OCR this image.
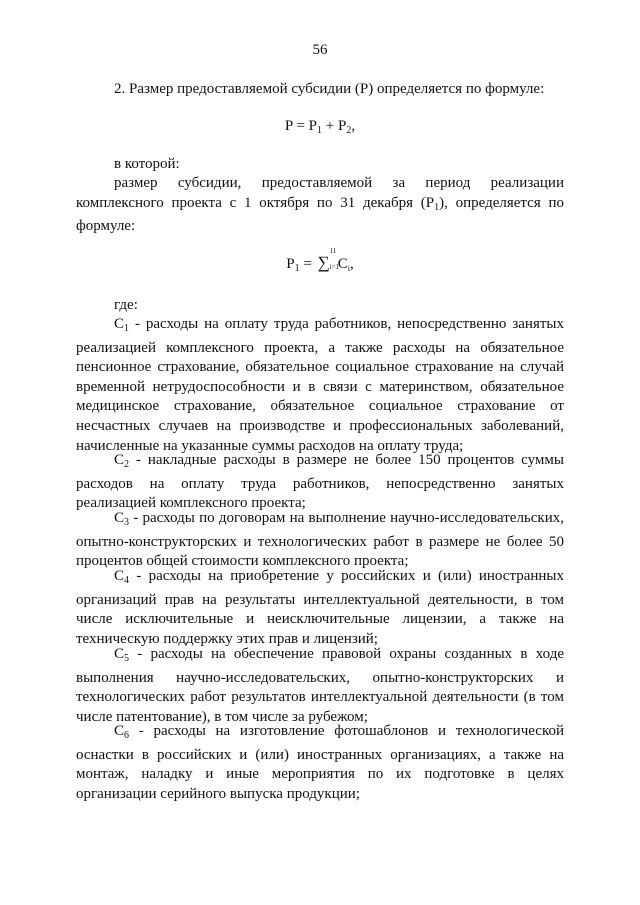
56
2. Размер предоставляемой субсидии (P) определяется по формуле:
$P = P_1 + P_2$,
в которой:
размер субсидии, предоставляемой за период реализации комплексного проекта с 1 октября по 31 декабря $(P_1)$, определяется по формуле:
$P_1$ = ∑
11
i=1
$C_i$,
где:
$C_1$ - расходы на оплату труда работников, непосредственно занятых реализацией комплексного проекта, а также расходы на обязательное пенсионное страхование, обязательное социальное страхование на случай временной нетрудоспособности и в связи с материнством, обязательное медицинское страхование, обязательное социальное страхование от несчастных случаев на производстве и профессиональных заболеваний, начисленные на указанные суммы расходов на оплату труда;
$C_2$ - накладные расходы в размере не более 150 процентов суммы расходов на оплату труда работников, непосредственно занятых реализацией комплексного проекта;
$C_3$ - расходы по договорам на выполнение научно-исследовательских, опытно-конструкторских и технологических работ в размере не более 50 процентов общей стоимости комплексного проекта;
$C_4$ - расходы на приобретение у российских и (или) иностранных организаций прав на результаты интеллектуальной деятельности, в том числе исключительные и неисключительные лицензии, а также на техническую поддержку этих прав и лицензий;
$C_5$ - расходы на обеспечение правовой охраны созданных в ходе выполнения научно-исследовательских, опытно-конструкторских и технологических работ результатов интеллектуальной деятельности (в том числе патентование), в том числе за рубежом;
$C_6$ - расходы на изготовление фотошаблонов и технологической оснастки в российских и (или) иностранных организациях, а также на монтаж, наладку и иные мероприятия по их подготовке в целях организации серийного выпуска продукции;
